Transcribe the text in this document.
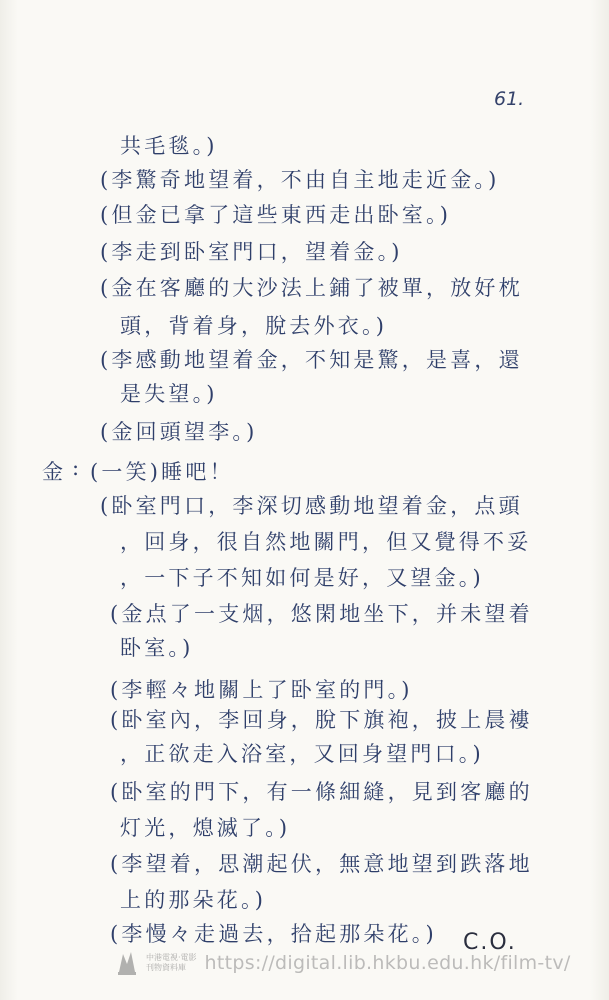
61.
共毛毯。)
(李驚奇地望着，不由自主地走近金。)
(但金已拿了這些東西走出卧室。)
(李走到卧室門口，望着金。)
(金在客廳的大沙法上鋪了被單，放好枕
頭，背着身，脫去外衣。)
(李感動地望着金，不知是驚，是喜，還
是失望。)
(金回頭望李。)
金 : (一笑)睡吧！
(卧室門口，李深切感動地望着金，点頭
，回身，很自然地關門，但又覺得不妥
，一下子不知如何是好，又望金。)
(金点了一支烟，悠閑地坐下，并未望着
卧室。)
(李輕々地關上了卧室的門。)
(卧室內，李回身，脫下旗袍，披上晨褸
，正欲走入浴室，又回身望門口。)
(卧室的門下，有一條細縫，見到客廳的
灯光，熄滅了。)
(李望着，思潮起伏，無意地望到跌落地
上的那朵花。)
(李慢々走過去，拾起那朵花。) C.O.
中港電視·電影
刊物資料庫 https://digital.lib.hkbu.edu.hk/film-tv/
